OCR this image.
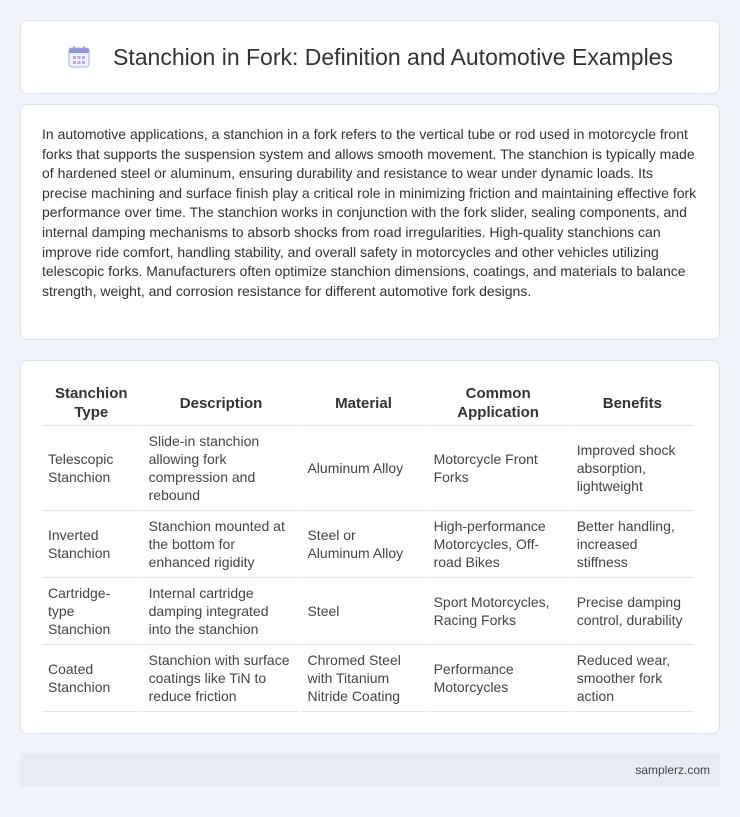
Stanchion in Fork: Definition and Automotive Examples

In automotive applications, a stanchion in a fork refers to the vertical tube or rod used in motorcycle front forks that supports the suspension system and allows smooth movement. The stanchion is typically made of hardened steel or aluminum, ensuring durability and resistance to wear under dynamic loads. Its precise machining and surface finish play a critical role in minimizing friction and maintaining effective fork performance over time. The stanchion works in conjunction with the fork slider, sealing components, and internal damping mechanisms to absorb shocks from road irregularities. High-quality stanchions can improve ride comfort, handling stability, and overall safety in motorcycles and other vehicles utilizing telescopic forks. Manufacturers often optimize stanchion dimensions, coatings, and materials to balance strength, weight, and corrosion resistance for different automotive fork designs.

Stanchion Type	Description	Material	Common Application	Benefits
Telescopic Stanchion	Slide-in stanchion allowing fork compression and rebound	Aluminum Alloy	Motorcycle Front Forks	Improved shock absorption, lightweight
Inverted Stanchion	Stanchion mounted at the bottom for enhanced rigidity	Steel or Aluminum Alloy	High-performance Motorcycles, Off-road Bikes	Better handling, increased stiffness
Cartridge-type Stanchion	Internal cartridge damping integrated into the stanchion	Steel	Sport Motorcycles, Racing Forks	Precise damping control, durability
Coated Stanchion	Stanchion with surface coatings like TiN to reduce friction	Chromed Steel with Titanium Nitride Coating	Performance Motorcycles	Reduced wear, smoother fork action
samplerz.com
